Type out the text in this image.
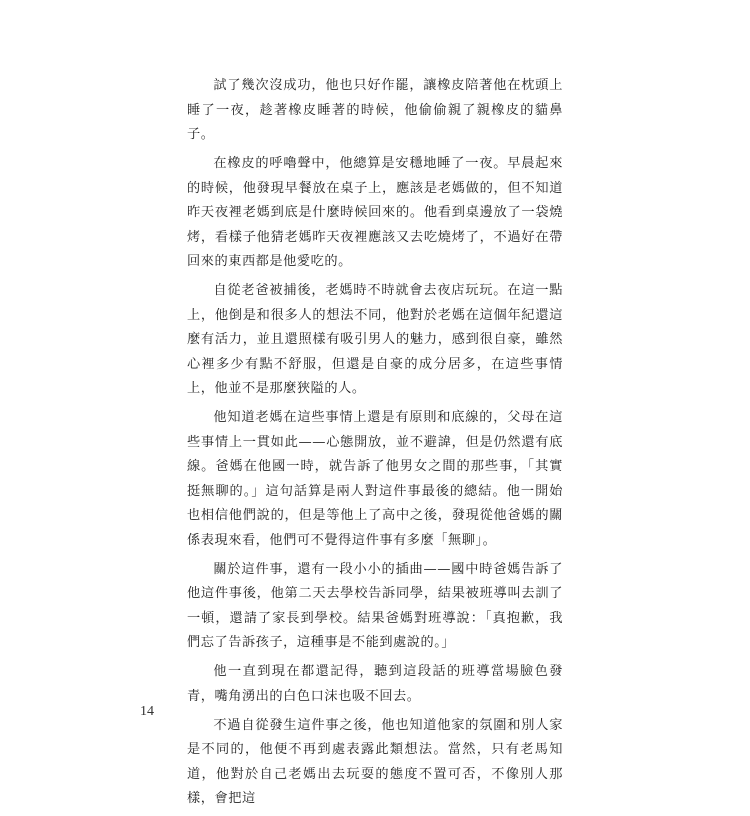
試了幾次沒成功，他也只好作罷，讓橡皮陪著他在枕頭上睡了一夜，趁著橡皮睡著的時候，他偷偷親了親橡皮的貓鼻子。

在橡皮的呼嚕聲中，他總算是安穩地睡了一夜。早晨起來的時候，他發現早餐放在桌子上，應該是老媽做的，但不知道昨天夜裡老媽到底是什麼時候回來的。他看到桌邊放了一袋燒烤，看樣子他猜老媽昨天夜裡應該又去吃燒烤了，不過好在帶回來的東西都是他愛吃的。

自從老爸被捕後，老媽時不時就會去夜店玩玩。在這一點上，他倒是和很多人的想法不同，他對於老媽在這個年紀還這麼有活力，並且還照樣有吸引男人的魅力，感到很自豪，雖然心裡多少有點不舒服，但還是自豪的成分居多，在這些事情上，他並不是那麼狹隘的人。

他知道老媽在這些事情上還是有原則和底線的，父母在這些事情上一貫如此——心態開放，並不避諱，但是仍然還有底線。爸媽在他國一時，就告訴了他男女之間的那些事，「其實挺無聊的。」這句話算是兩人對這件事最後的總結。他一開始也相信他們說的，但是等他上了高中之後，發現從他爸媽的關係表現來看，他們可不覺得這件事有多麼「無聊」。

關於這件事，還有一段小小的插曲——國中時爸媽告訴了他這件事後，他第二天去學校告訴同學，結果被班導叫去訓了一頓，還請了家長到學校。結果爸媽對班導說：「真抱歉，我們忘了告訴孩子，這種事是不能到處說的。」

他一直到現在都還記得，聽到這段話的班導當場臉色發青，嘴角湧出的白色口沫也吸不回去。

不過自從發生這件事之後，他也知道他家的氛圍和別人家是不同的，他便不再到處表露此類想法。當然，只有老馬知道，他對於自己老媽出去玩耍的態度不置可否，不像別人那樣，會把這

14
